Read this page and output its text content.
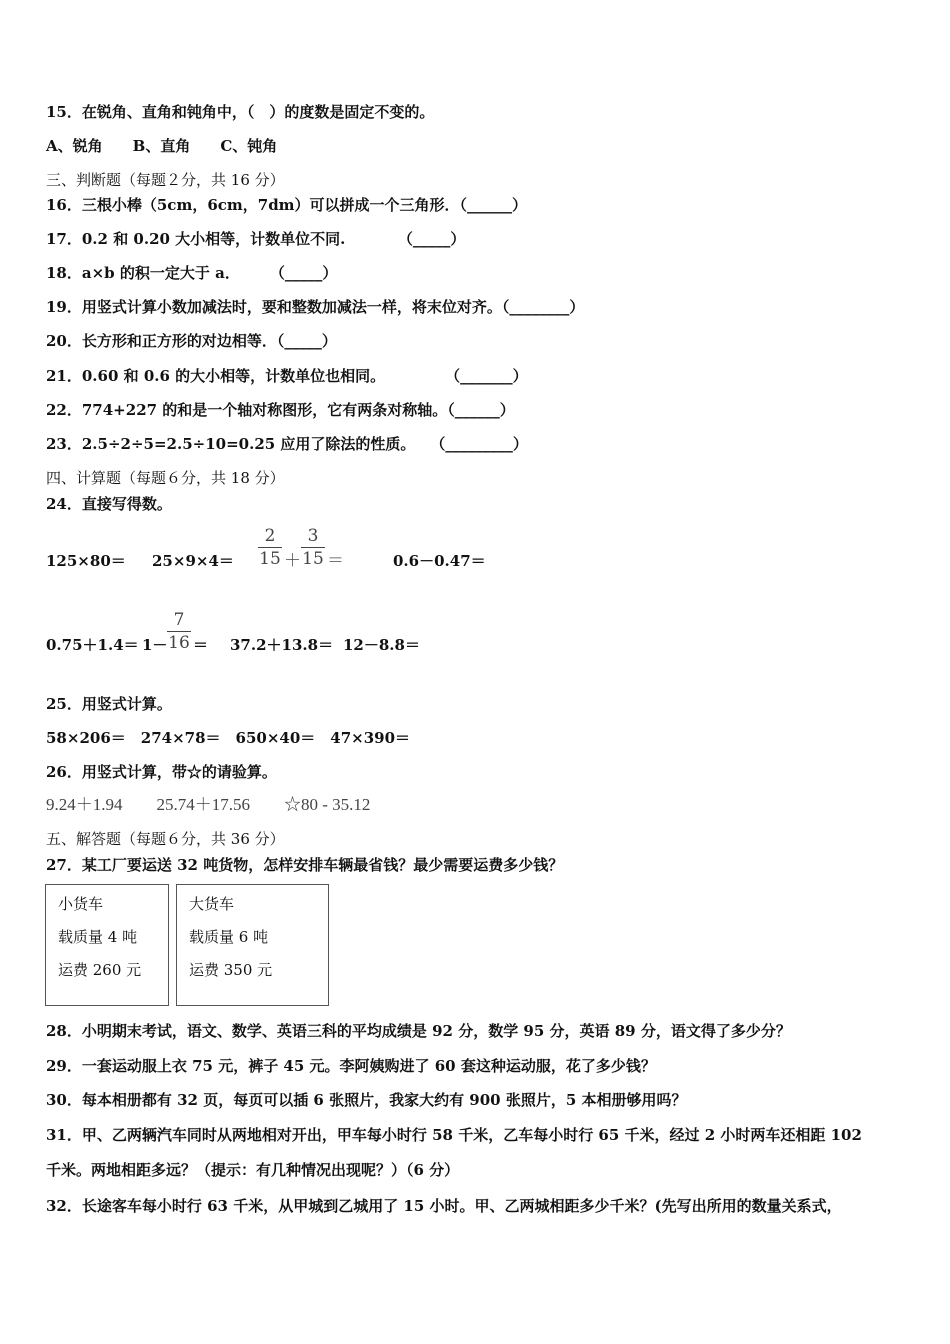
15．在锐角、直角和钝角中，（　）的度数是固定不变的。
A、锐角　　B、直角　　C、钝角
三、判断题（每题２分，共 16 分）
16．三根小棒（5cm，6cm，7dm）可以拼成一个三角形．（______）
17．0.2 和 0.20 大小相等，计数单位不同.　　　　（_____）
18．a×b 的积一定大于 a．　　　（_____）
19．用竖式计算小数加减法时，要和整数加减法一样，将末位对齐。（________）
20．长方形和正方形的对边相等．（_____）
21．0.60 和 0.6 的大小相等，计数单位也相同。　　　　　（_______）
22．774+227 的和是一个轴对称图形，它有两条对称轴。（______）
23．2.5÷2÷5=2.5÷10=0.25 应用了除法的性质。　　（_________）
四、计算题（每题６分，共 18 分）
24．直接写得数。
125×80＝ 25×9×4＝
2
15 ＋
3
15 ＝	0.6－0.47＝
0.75＋1.4＝ 1－
7
16 ＝ 37.2＋13.8＝ 12－8.8＝
25．用竖式计算。
58×206＝　274×78＝　650×40＝　47×390＝
26．用竖式计算，带☆的请验算。
9.24＋1.94　　25.74＋17.56　　☆80 - 35.12
五、解答题（每题６分，共 36 分）
27．某工厂要运送 32 吨货物，怎样安排车辆最省钱？最少需要运费多少钱？
小货车
载质量 4 吨
运费 260 元
大货车
载质量 6 吨
运费 350 元
28．小明期末考试，语文、数学、英语三科的平均成绩是 92 分，数学 95 分，英语 89 分，语文得了多少分？
29．一套运动服上衣 75 元，裤子 45 元。李阿姨购进了 60 套这种运动服，花了多少钱？
30．每本相册都有 32 页，每页可以插 6 张照片，我家大约有 900 张照片，5 本相册够用吗？
31．甲、乙两辆汽车同时从两地相对开出，甲车每小时行 58 千米，乙车每小时行 65 千米，经过 2 小时两车还相距 102
千米。两地相距多远？（提示：有几种情况出现呢？）（6 分）
32．长途客车每小时行 63 千米，从甲城到乙城用了 15 小时。甲、乙两城相距多少千米？(先写出所用的数量关系式，
